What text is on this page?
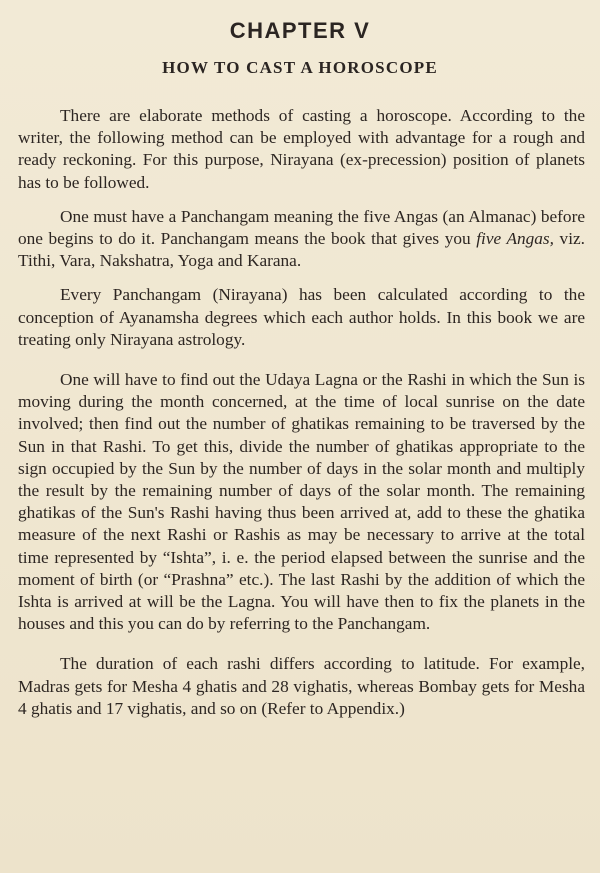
CHAPTER V
HOW TO CAST A HOROSCOPE

There are elaborate methods of casting a horoscope. According to the writer, the following method can be employed with advantage for a rough and ready reckoning. For this purpose, Nirayana (ex-precession) position of planets has to be followed.

One must have a Panchangam meaning the five Angas (an Almanac) before one begins to do it. Panchangam means the book that gives you five Angas, viz. Tithi, Vara, Nakshatra, Yoga and Karana.

Every Panchangam (Nirayana) has been calculated according to the conception of Ayanamsha degrees which each author holds. In this book we are treating only Nirayana astrology.

One will have to find out the Udaya Lagna or the Rashi in which the Sun is moving during the month concerned, at the time of local sunrise on the date involved; then find out the number of ghatikas remaining to be traversed by the Sun in that Rashi. To get this, divide the number of ghatikas appropriate to the sign occupied by the Sun by the number of days in the solar month and multiply the result by the remaining number of days of the solar month. The remaining ghatikas of the Sun's Rashi having thus been arrived at, add to these the ghatika measure of the next Rashi or Rashis as may be necessary to arrive at the total time represented by “Ishta”, i. e. the period elapsed between the sunrise and the moment of birth (or “Prashna” etc.). The last Rashi by the addition of which the Ishta is arrived at will be the Lagna. You will have then to fix the planets in the houses and this you can do by referring to the Panchangam.

The duration of each rashi differs according to latitude. For example, Madras gets for Mesha 4 ghatis and 28 vighatis, whereas Bombay gets for Mesha 4 ghatis and 17 vighatis, and so on (Refer to Appendix.)
